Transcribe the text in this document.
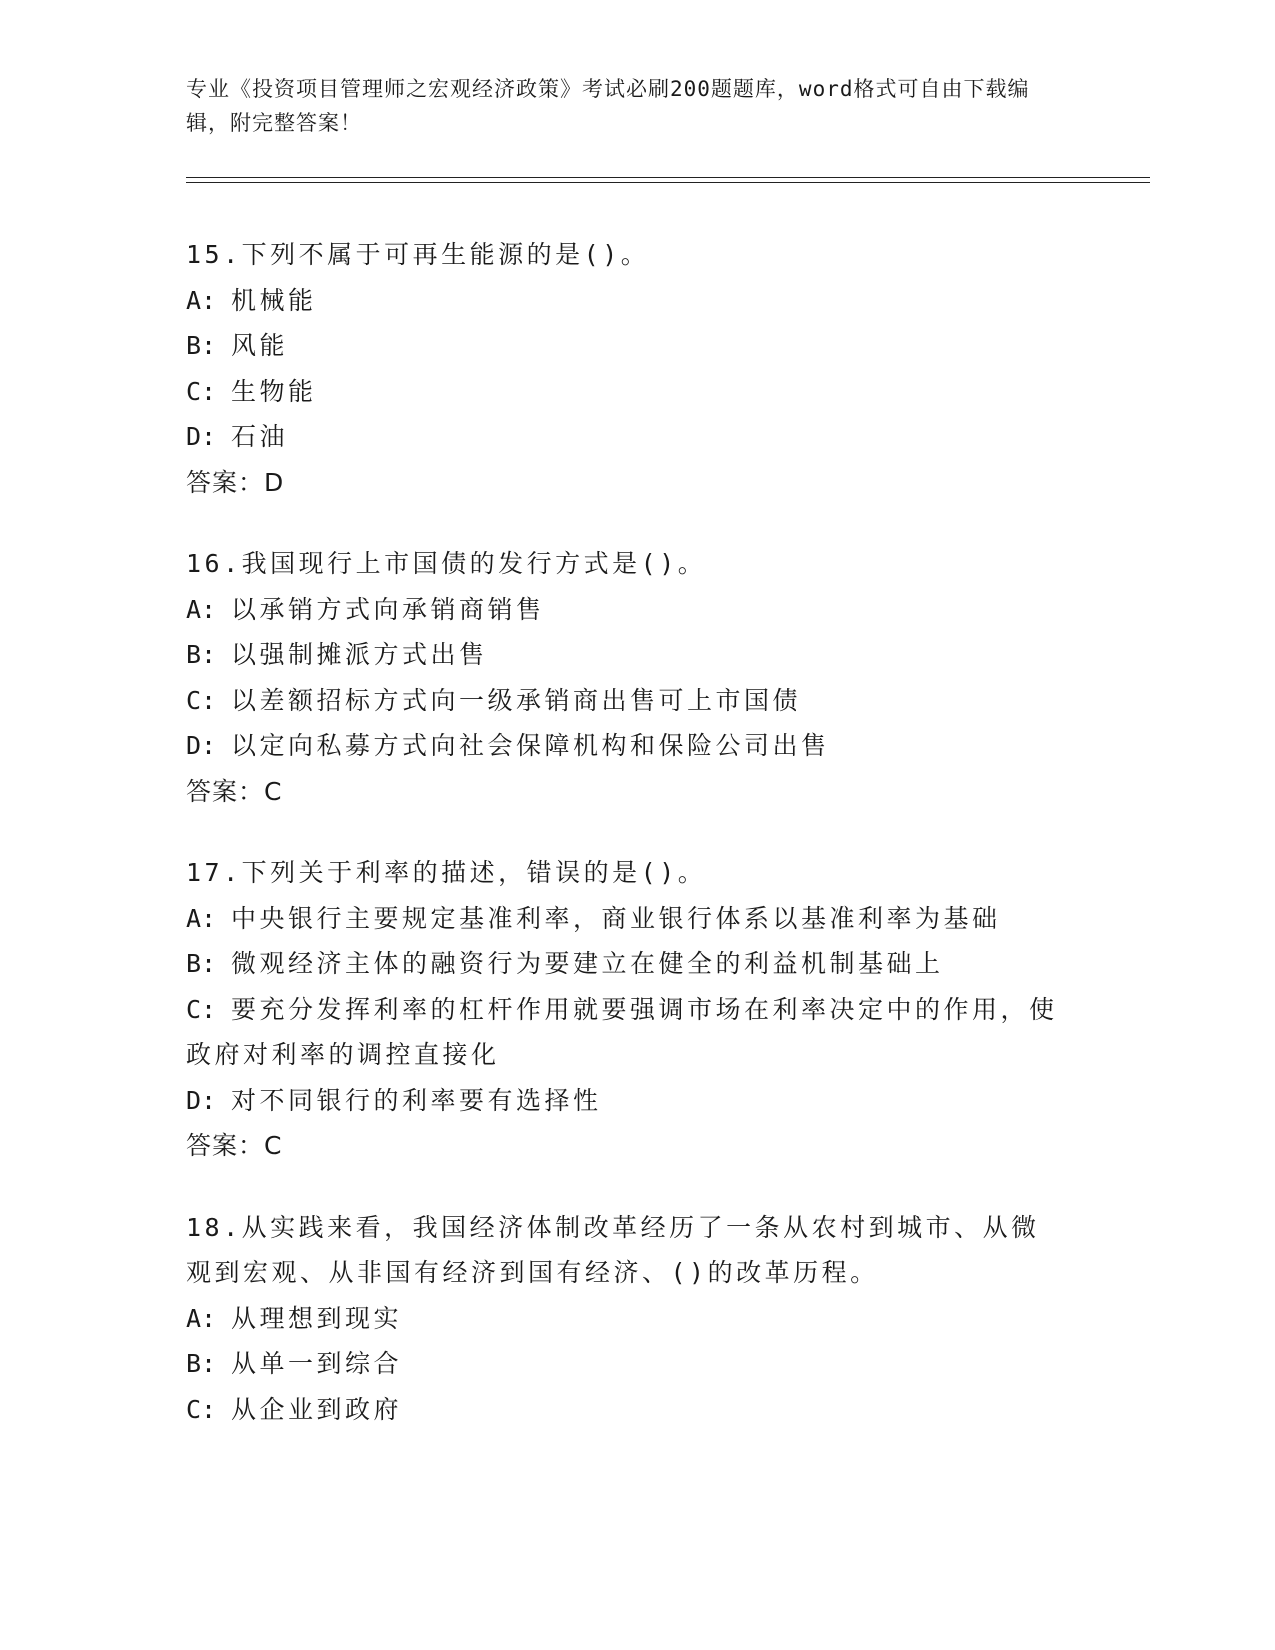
专业《投资项目管理师之宏观经济政策》考试必刷200题题库，word格式可自由下载编辑，附完整答案！
15.下列不属于可再生能源的是()。
A: 机械能
B: 风能
C: 生物能
D: 石油
答案：D
16.我国现行上市国债的发行方式是()。
A: 以承销方式向承销商销售
B: 以强制摊派方式出售
C: 以差额招标方式向一级承销商出售可上市国债
D: 以定向私募方式向社会保障机构和保险公司出售
答案：C
17.下列关于利率的描述，错误的是()。
A: 中央银行主要规定基准利率，商业银行体系以基准利率为基础
B: 微观经济主体的融资行为要建立在健全的利益机制基础上
C: 要充分发挥利率的杠杆作用就要强调市场在利率决定中的作用，使政府对利率的调控直接化
D: 对不同银行的利率要有选择性
答案：C
18.从实践来看，我国经济体制改革经历了一条从农村到城市、从微观到宏观、从非国有经济到国有经济、()的改革历程。
A: 从理想到现实
B: 从单一到综合
C: 从企业到政府
